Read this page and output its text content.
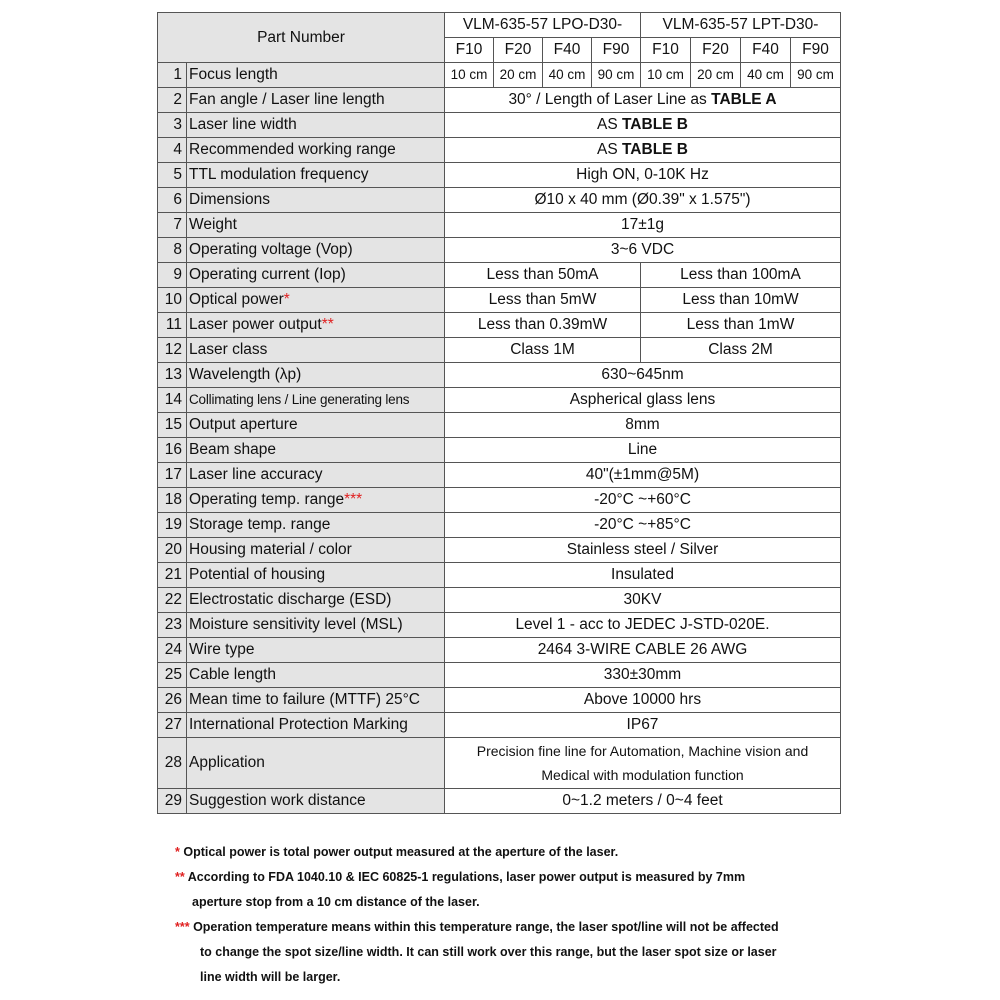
Part Number		VLM-635-57 LPO-D30-				VLM-635-57 LPT-D30-			
		F10	F20	F40	F90	F10	F20	F40	F90
1	Focus length	10 cm	20 cm	40 cm	90 cm	10 cm	20 cm	40 cm	90 cm
2	Fan angle / Laser line length	30° / Length of Laser Line as TABLE A							
3	Laser line width	AS TABLE B							
4	Recommended working range	AS TABLE B							
5	TTL modulation frequency	High ON, 0-10K Hz							
6	Dimensions	Ø10 x 40 mm (Ø0.39" x 1.575")							
7	Weight	17±1g							
8	Operating voltage (Vop)	3~6 VDC							
9	Operating current (Iop)	Less than 50mA				Less than 100mA			
10	Optical power*	Less than 5mW				Less than 10mW			
11	Laser power output**	Less than 0.39mW				Less than 1mW			
12	Laser class	Class 1M				Class 2M			
13	Wavelength (λp)	630~645nm							
14	Collimating lens / Line generating lens	Aspherical glass lens							
15	Output aperture	8mm							
16	Beam shape	Line							
17	Laser line accuracy	40"(±1mm@5M)							
18	Operating temp. range***	-20°C ~+60°C							
19	Storage temp. range	-20°C ~+85°C							
20	Housing material / color	Stainless steel / Silver							
21	Potential of housing	Insulated							
22	Electrostatic discharge (ESD)	30KV							
23	Moisture sensitivity level (MSL)	Level 1 - acc to JEDEC J-STD-020E.							
24	Wire type	2464 3-WIRE CABLE 26 AWG							
25	Cable length	330±30mm							
26	Mean time to failure (MTTF) 25°C	Above 10000 hrs							
27	International Protection Marking	IP67							
28	Application	Precision fine line for Automation, Machine vision and
Medical with modulation function							

29	Suggestion work distance	0~1.2 meters / 0~4 feet							
* Optical power is total power output measured at the aperture of the laser.
** According to FDA 1040.10 & IEC 60825-1 regulations, laser power output is measured by 7mm
aperture stop from a 10 cm distance of the laser.
*** Operation temperature means within this temperature range, the laser spot/line will not be affected
to change the spot size/line width. It can still work over this range, but the laser spot size or laser
line width will be larger.
